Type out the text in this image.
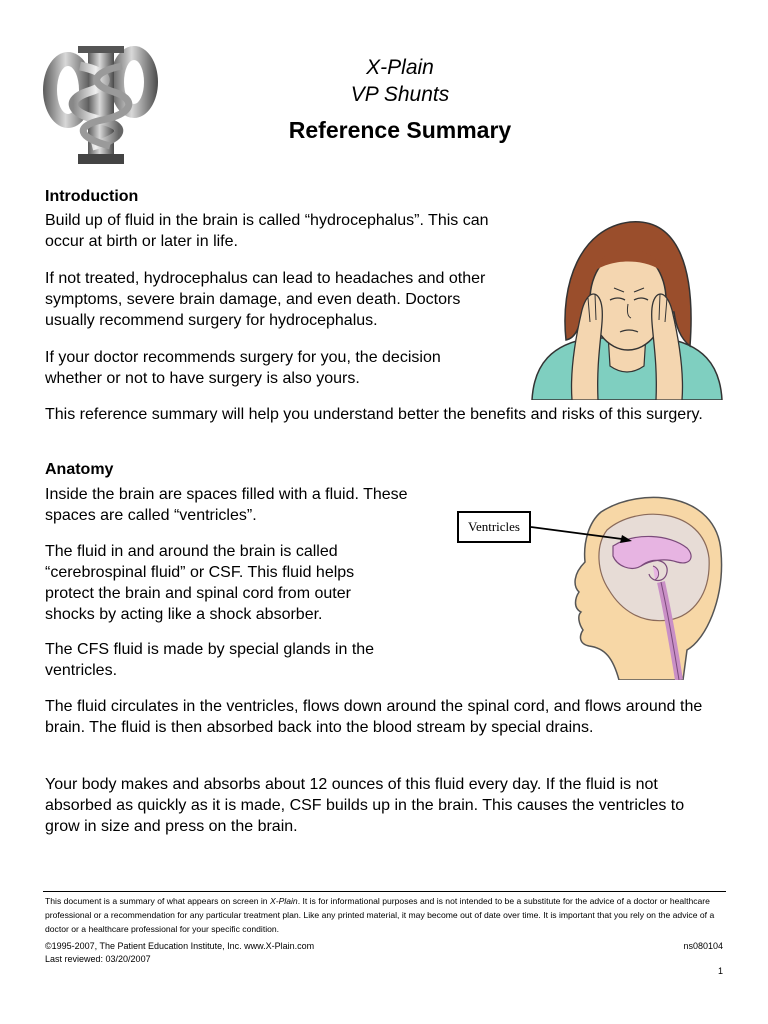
X-Plain
VP Shunts
Reference Summary
Introduction

Build up of fluid in the brain is called “hydrocephalus”. This can occur at birth or later in life.

If not treated, hydrocephalus can lead to headaches and other symptoms, severe brain damage, and even death. Doctors usually recommend surgery for hydrocephalus.

If your doctor recommends surgery for you, the decision whether or not to have surgery is also yours.

This reference summary will help you understand better the benefits and risks of this surgery.

Anatomy

Inside the brain are spaces filled with a fluid. These spaces are called “ventricles”.

The fluid in and around the brain is called “cerebrospinal fluid” or CSF. This fluid helps protect the brain and spinal cord from outer shocks by acting like a shock absorber.

The CFS fluid is made by special glands in the ventricles.

The fluid circulates in the ventricles, flows down around the spinal cord, and flows around the brain. The fluid is then absorbed back into the blood stream by special drains.

Your body makes and absorbs about 12 ounces of this fluid every day. If the fluid is not absorbed as quickly as it is made, CSF builds up in the brain. This causes the ventricles to grow in size and press on the brain.

Ventricles

This document is a summary of what appears on screen in X-Plain. It is for informational purposes and is not intended to be a substitute for the advice of a doctor or healthcare professional or a recommendation for any particular treatment plan. Like any printed material, it may become out of date over time. It is important that you rely on the advice of a doctor or a healthcare professional for your specific condition.

©1995-2007, The Patient Education Institute, Inc. www.X-Plain.com
Last reviewed: 03/20/2007
ns080104
1
